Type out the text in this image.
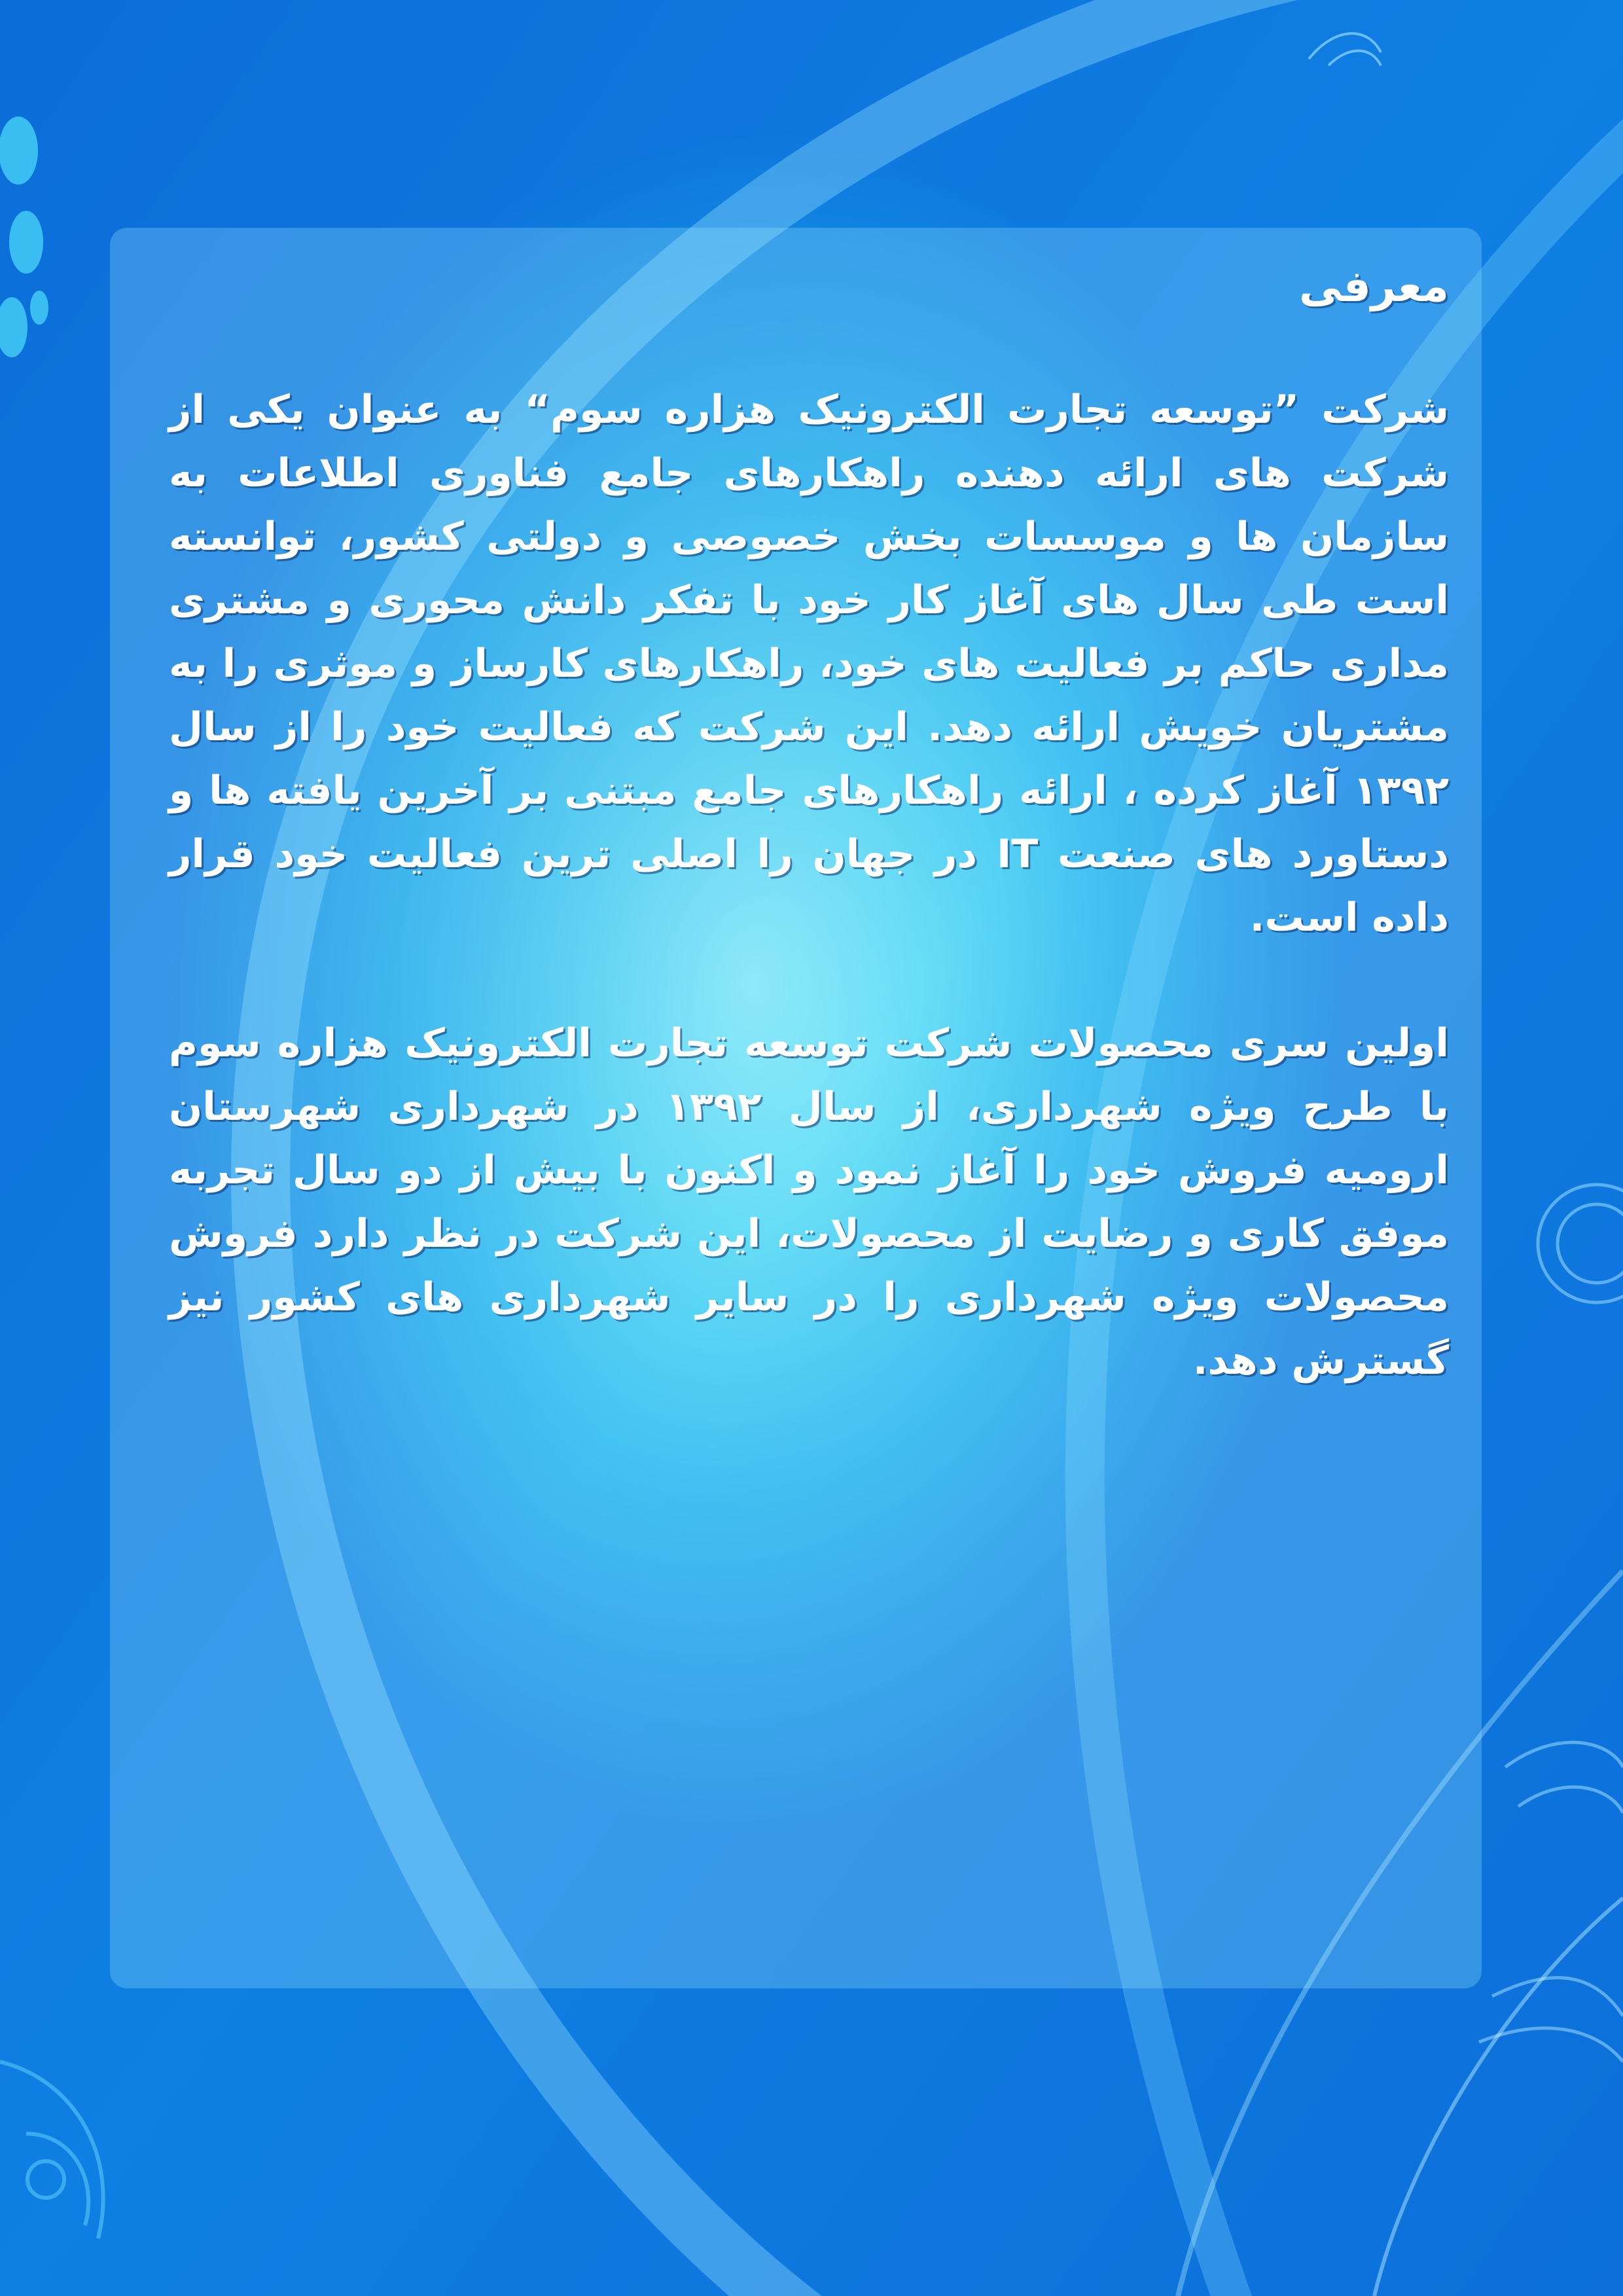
معرفی

شرکت ”توسعه تجارت الکترونیک هزاره سوم“ به عنوان یکی از شرکت های ارائه دهنده راهکارهای جامع فناوری اطلاعات به سازمان ها و موسسات بخش خصوصی و دولتی کشور، توانسته است طی سال های آغاز کار خود با تفکر دانش محوری و مشتری مداری حاکم بر فعالیت های خود، راهکارهای کارساز و موثری را به مشتریان خویش ارائه دهد. این شرکت که فعالیت خود را از سال ۱۳۹۲ آغاز کرده ، ارائه راهکارهای جامع مبتنی بر آخرین یافته ها و دستاورد های صنعت IT در جهان را اصلی ترین فعالیت خود قرار داده است.

اولین سری محصولات شرکت توسعه تجارت الکترونیک هزاره سوم با طرح ویژه شهرداری، از سال ۱۳۹۲ در شهرداری شهرستان ارومیه فروش خود را آغاز نمود و اکنون با بیش از دو سال تجربه موفق کاری و رضایت از محصولات، این شرکت در نظر دارد فروش محصولات ویژه شهرداری را در سایر شهرداری های کشور نیز گسترش دهد.
